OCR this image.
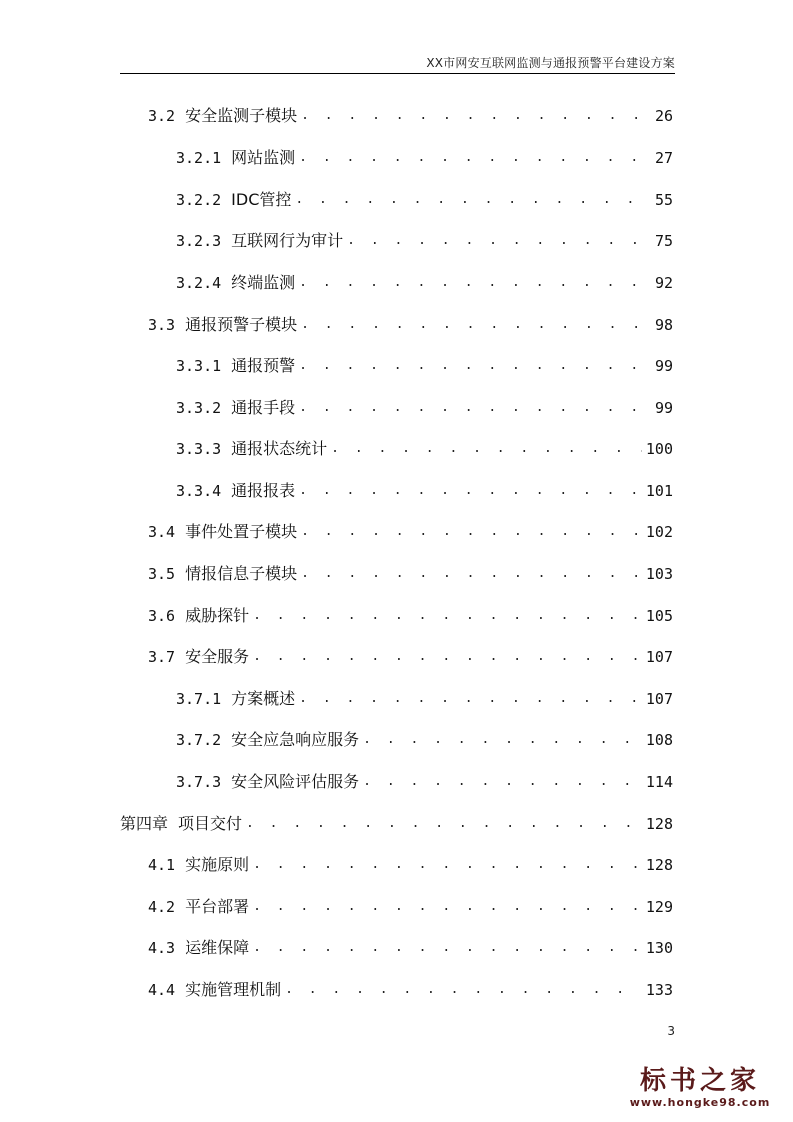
XX市网安互联网监测与通报预警平台建设方案
3.2 安全监测子模块 . . .	26
3.2.1 网站监测 . . .	27
3.2.2 IDC管控 . . .	55
3.2.3 互联网行为审计 . . .	75
3.2.4 终端监测 . . .	92
3.3 通报预警子模块 . . .	98
3.3.1 通报预警 . . .	99
3.3.2 通报手段 . . .	99
3.3.3 通报状态统计 . . .	100
3.3.4 通报报表 . . .	101
3.4 事件处置子模块 . . .	102
3.5 情报信息子模块 . . .	103
3.6 威胁探针 . . .	105
3.7 安全服务 . . .	107
3.7.1 方案概述 . . .	107
3.7.2 安全应急响应服务 . . .	108
3.7.3 安全风险评估服务 . . .	114
第四章 项目交付 . . .	128
4.1 实施原则 . . .	128
4.2 平台部署 . . .	129
4.3 运维保障 . . .	130
4.4 实施管理机制 . . .	133
3
标书之家
www.hongke98.com
